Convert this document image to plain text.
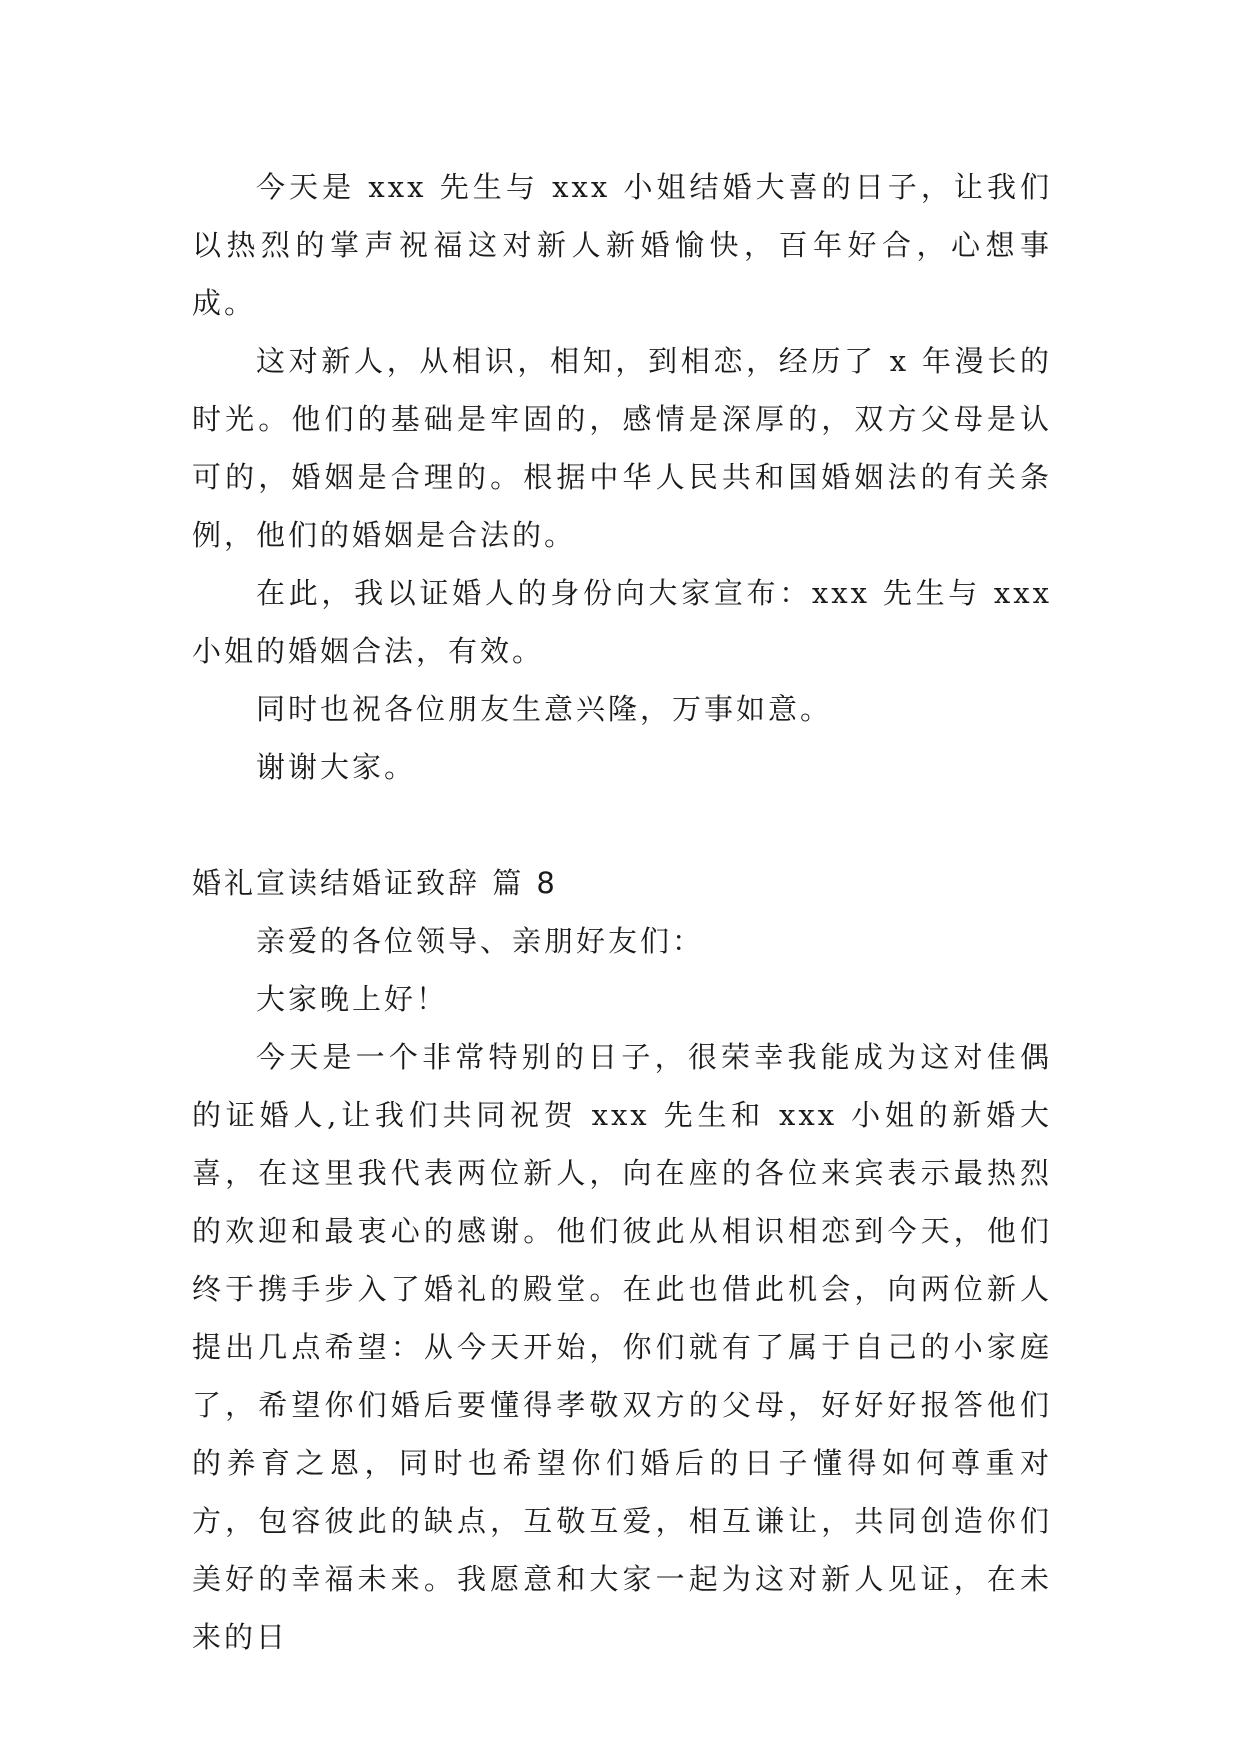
今天是 xxx 先生与 xxx 小姐结婚大喜的日子，让我们以热烈的掌声祝福这对新人新婚愉快，百年好合，心想事成。

这对新人，从相识，相知，到相恋，经历了 x 年漫长的时光。他们的基础是牢固的，感情是深厚的，双方父母是认可的，婚姻是合理的。根据中华人民共和国婚姻法的有关条例，他们的婚姻是合法的。

在此，我以证婚人的身份向大家宣布：xxx 先生与 xxx 小姐的婚姻合法，有效。

同时也祝各位朋友生意兴隆，万事如意。

谢谢大家。

婚礼宣读结婚证致辞 篇 8

亲爱的各位领导、亲朋好友们：

大家晚上好！

今天是一个非常特别的日子，很荣幸我能成为这对佳偶的证婚人,让我们共同祝贺 xxx 先生和 xxx 小姐的新婚大喜，在这里我代表两位新人，向在座的各位来宾表示最热烈的欢迎和最衷心的感谢。他们彼此从相识相恋到今天，他们终于携手步入了婚礼的殿堂。在此也借此机会，向两位新人提出几点希望：从今天开始，你们就有了属于自己的小家庭了，希望你们婚后要懂得孝敬双方的父母，好好好报答他们的养育之恩，同时也希望你们婚后的日子懂得如何尊重对方，包容彼此的缺点，互敬互爱，相互谦让，共同创造你们美好的幸福未来。我愿意和大家一起为这对新人见证，在未来的日
